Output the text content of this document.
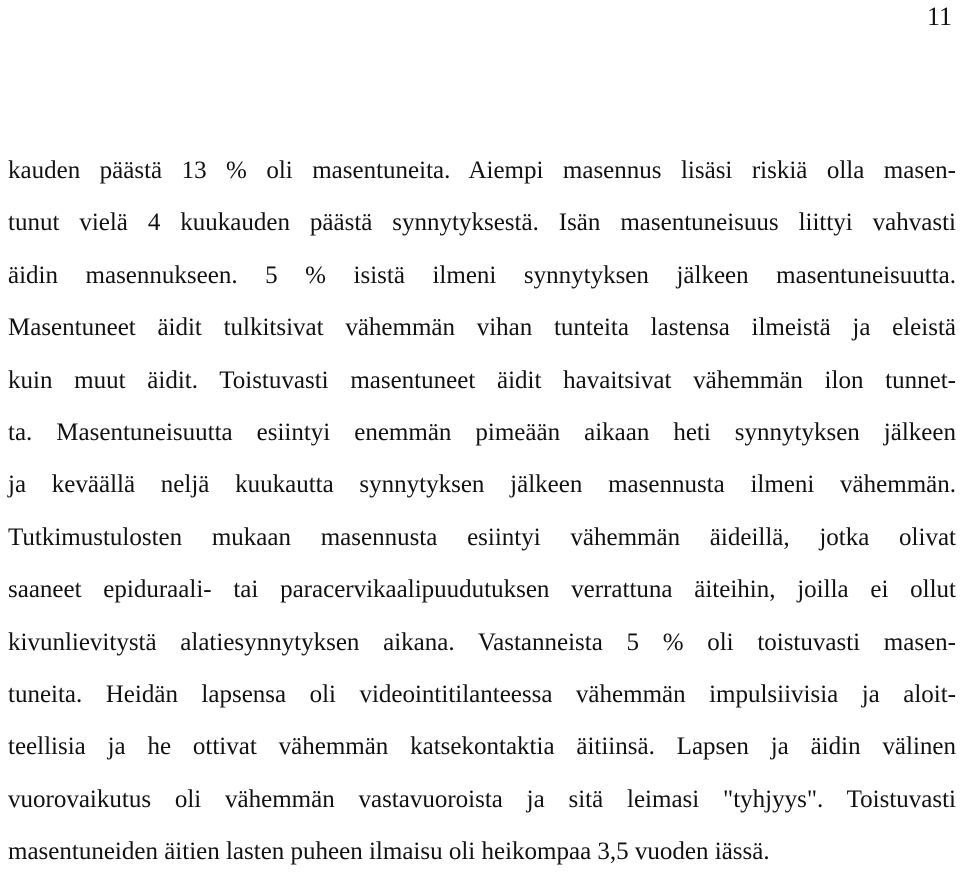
11
kauden päästä 13 % oli masentuneita. Aiempi masennus lisäsi riskiä olla masen-
tunut vielä 4 kuukauden päästä synnytyksestä. Isän masentuneisuus liittyi vahvasti
äidin masennukseen. 5 % isistä ilmeni synnytyksen jälkeen masentuneisuutta.
Masentuneet äidit tulkitsivat vähemmän vihan tunteita lastensa ilmeistä ja eleistä
kuin muut äidit. Toistuvasti masentuneet äidit havaitsivat vähemmän ilon tunnet-
ta. Masentuneisuutta esiintyi enemmän pimeään aikaan heti synnytyksen jälkeen
ja keväällä neljä kuukautta synnytyksen jälkeen masennusta ilmeni vähemmän.
Tutkimustulosten mukaan masennusta esiintyi vähemmän äideillä, jotka olivat
saaneet epiduraali- tai paracervikaalipuudutuksen verrattuna äiteihin, joilla ei ollut
kivunlievitystä alatiesynnytyksen aikana. Vastanneista 5 % oli toistuvasti masen-
tuneita. Heidän lapsensa oli videointitilanteessa vähemmän impulsiivisia ja aloit-
teellisia ja he ottivat vähemmän katsekontaktia äitiinsä. Lapsen ja äidin välinen
vuorovaikutus oli vähemmän vastavuoroista ja sitä leimasi "tyhjyys". Toistuvasti
masentuneiden äitien lasten puheen ilmaisu oli heikompaa 3,5 vuoden iässä.
